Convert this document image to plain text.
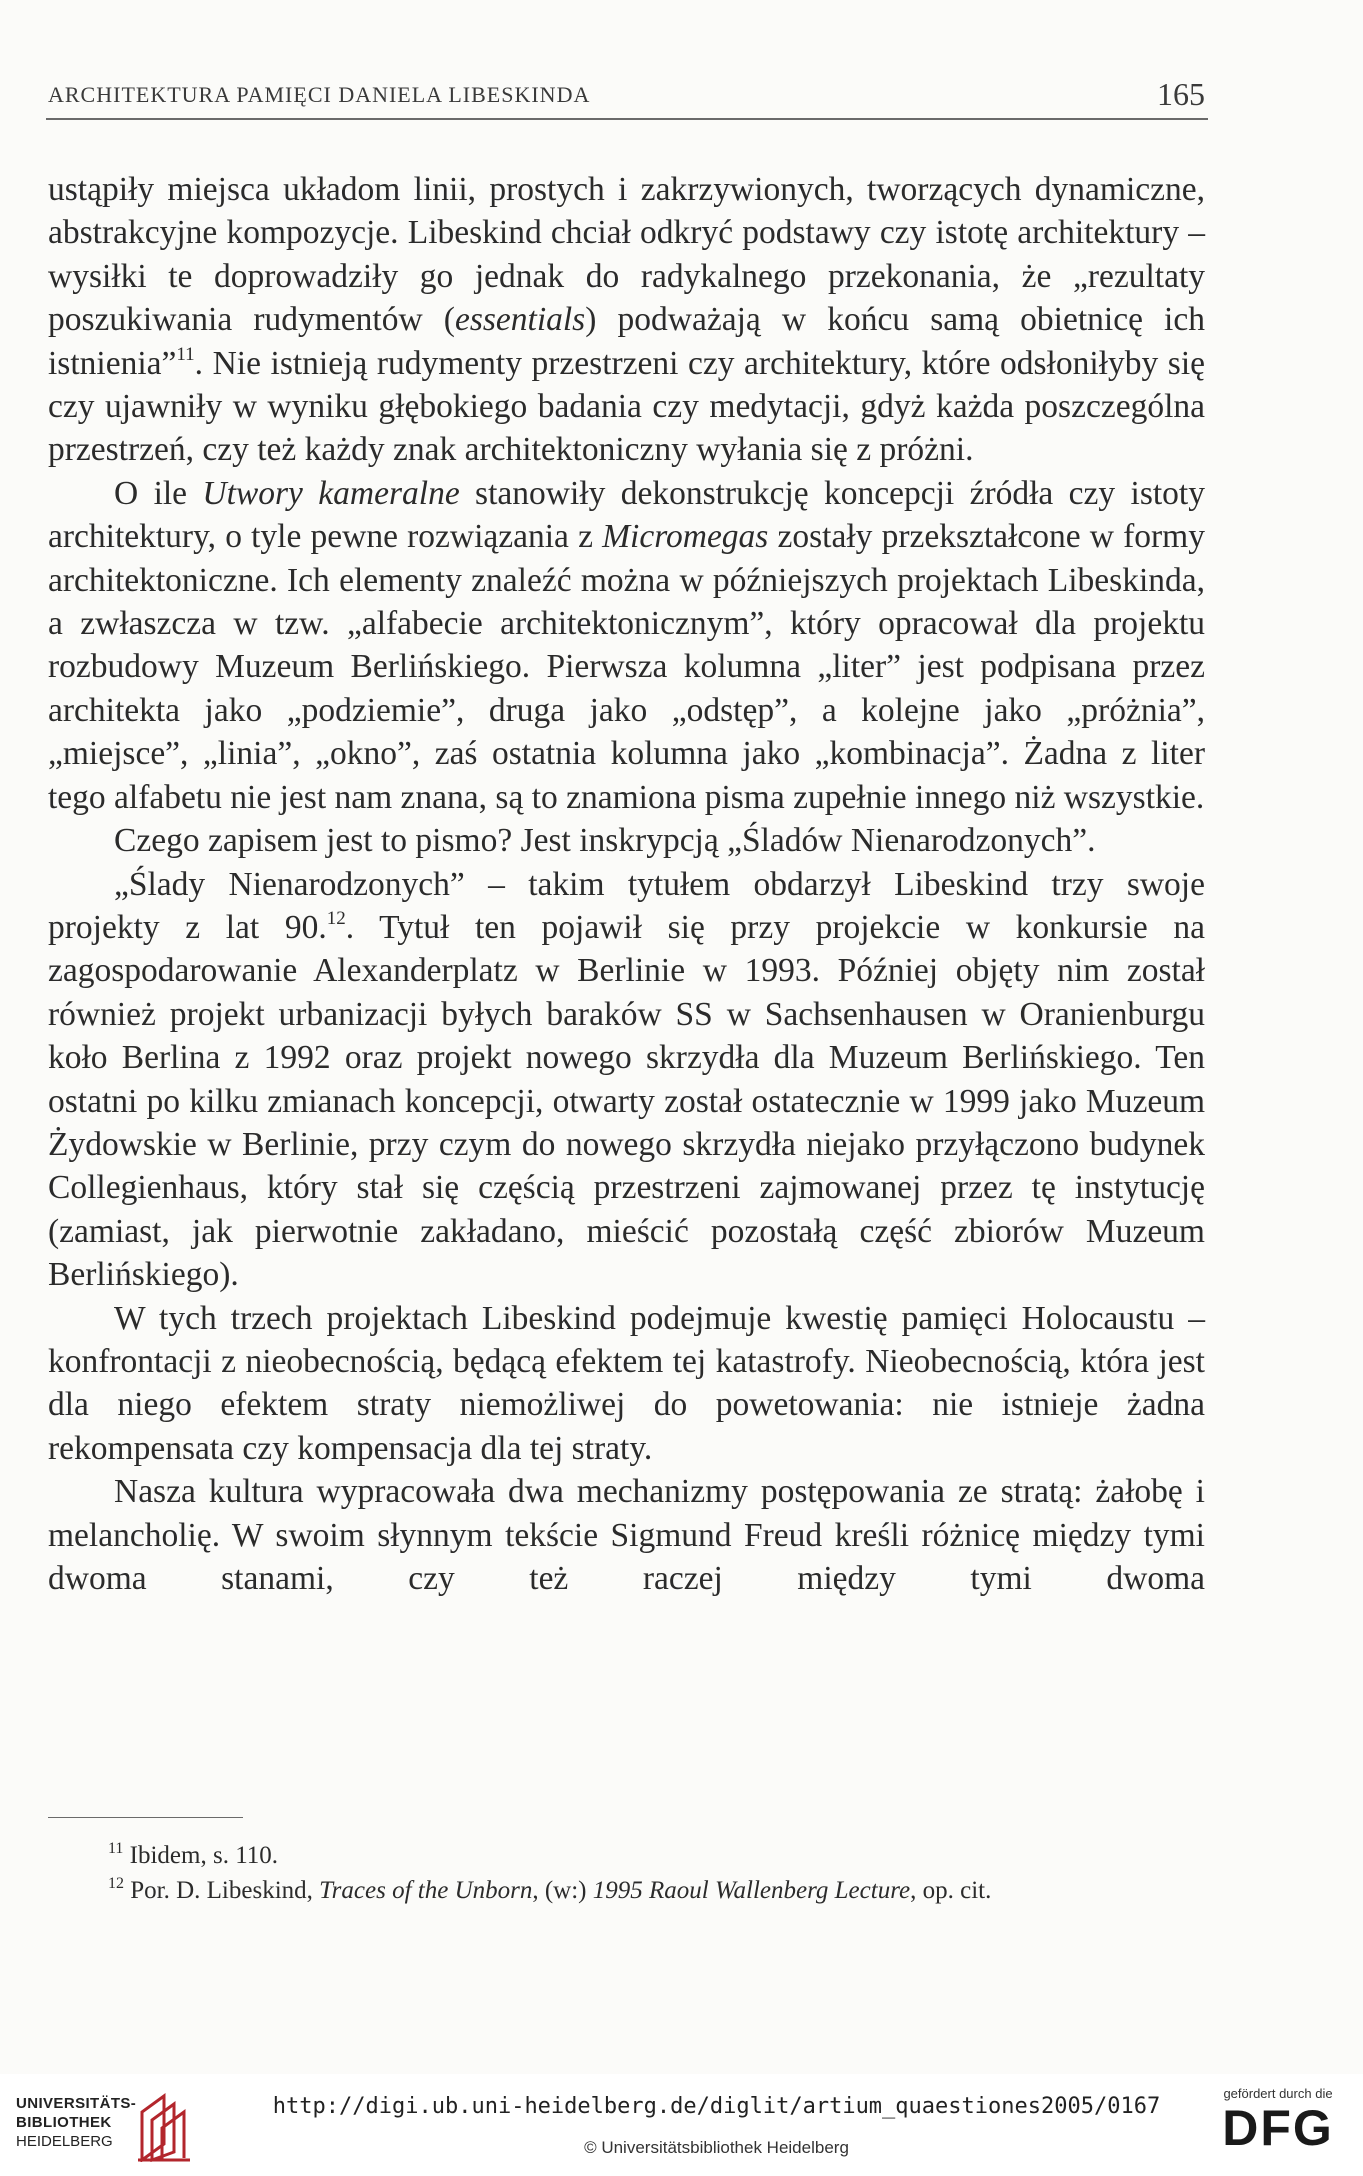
ARCHITEKTURA PAMIĘCI DANIELA LIBESKINDA	165

ustąpiły miejsca układom linii, prostych i zakrzywionych, tworzących dynamiczne, abstrakcyjne kompozycje. Libeskind chciał odkryć podstawy czy istotę architektury – wysiłki te doprowadziły go jednak do radykalnego przekonania, że „rezultaty poszukiwania rudymentów (essentials) podważają w końcu samą obietnicę ich istnienia”$^{11}$. Nie istnieją rudymenty przestrzeni czy architektury, które odsłoniłyby się czy ujawniły w wyniku głębokiego badania czy medytacji, gdyż każda poszczególna przestrzeń, czy też każdy znak architektoniczny wyłania się z próżni.

O ile Utwory kameralne stanowiły dekonstrukcję koncepcji źródła czy istoty architektury, o tyle pewne rozwiązania z Micromegas zostały przekształcone w formy architektoniczne. Ich elementy znaleźć można w późniejszych projektach Libeskinda, a zwłaszcza w tzw. „alfabecie architektonicznym”, który opracował dla projektu rozbudowy Muzeum Berlińskiego. Pierwsza kolumna „liter” jest podpisana przez architekta jako „podziemie”, druga jako „odstęp”, a kolejne jako „próżnia”, „miejsce”, „linia”, „okno”, zaś ostatnia kolumna jako „kombinacja”. Żadna z liter tego alfabetu nie jest nam znana, są to znamiona pisma zupełnie innego niż wszystkie.

Czego zapisem jest to pismo? Jest inskrypcją „Śladów Nienarodzonych”.

„Ślady Nienarodzonych” – takim tytułem obdarzył Libeskind trzy swoje projekty z lat 90.12. Tytuł ten pojawił się przy projekcie w konkursie na zagospodarowanie Alexanderplatz w Berlinie w 1993. Później objęty nim został również projekt urbanizacji byłych baraków SS w Sachsenhausen w Oranienburgu koło Berlina z 1992 oraz projekt nowego skrzydła dla Muzeum Berlińskiego. Ten ostatni po kilku zmianach koncepcji, otwarty został ostatecznie w 1999 jako Muzeum Żydowskie w Berlinie, przy czym do nowego skrzydła niejako przyłączono budynek Collegienhaus, który stał się częścią przestrzeni zajmowanej przez tę instytucję (zamiast, jak pierwotnie zakładano, mieścić pozostałą część zbiorów Muzeum Berlińskiego).

W tych trzech projektach Libeskind podejmuje kwestię pamięci Holocaustu – konfrontacji z nieobecnością, będącą efektem tej katastrofy. Nieobecnością, która jest dla niego efektem straty niemożliwej do powetowania: nie istnieje żadna rekompensata czy kompensacja dla tej straty.

Nasza kultura wypracowała dwa mechanizmy postępowania ze stratą: żałobę i melancholię. W swoim słynnym tekście Sigmund Freud kreśli różnicę między tymi dwoma stanami, czy też raczej między tymi dwoma

$^{11}$ Ibidem, s. 110.

$^{12}$ Por. D. Libeskind, Traces of the Unborn, (w:) 1995 Raoul Wallenberg Lecture, op. cit.

UNIVERSITÄTS-
BIBLIOTHEK
HEIDELBERG
http://digi.ub.uni-heidelberg.de/diglit/artium_quaestiones2005/0167
© Universitätsbibliothek Heidelberg
gefördert durch die
DFG
